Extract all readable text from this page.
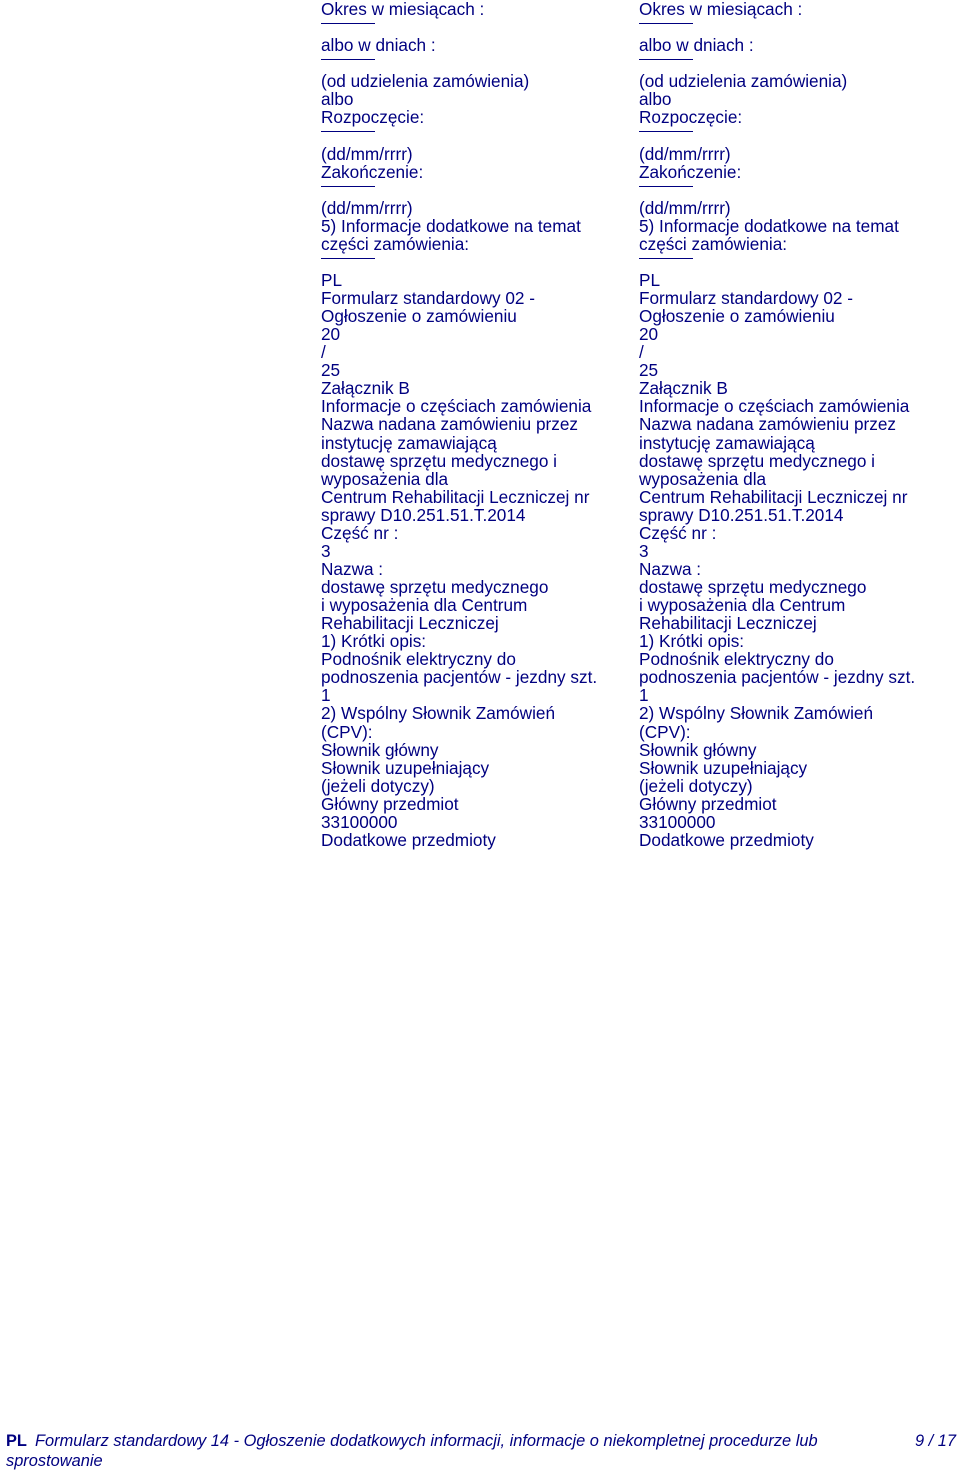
Okres w miesiącach :
albo w dniach :
(od udzielenia zamówienia)
albo
Rozpoczęcie:
(dd/mm/rrrr)
Zakończenie:
(dd/mm/rrrr)
5) Informacje dodatkowe na temat
części zamówienia:
PL
Formularz standardowy 02 -
Ogłoszenie o zamówieniu
20
/
25
Załącznik B
Informacje o częściach zamówienia
Nazwa nadana zamówieniu przez
instytucję zamawiającą
dostawę sprzętu medycznego i
wyposażenia dla
Centrum Rehabilitacji Leczniczej nr
sprawy D10.251.51.T.2014
Część nr :
3
Nazwa :
dostawę sprzętu medycznego
i wyposażenia dla Centrum
Rehabilitacji Leczniczej
1) Krótki opis:
Podnośnik elektryczny do
podnoszenia pacjentów - jezdny szt.
1
2) Wspólny Słownik Zamówień
(CPV):
Słownik główny
Słownik uzupełniający
(jeżeli dotyczy)
Główny przedmiot
33100000
Dodatkowe przedmioty
Okres w miesiącach :
albo w dniach :
(od udzielenia zamówienia)
albo
Rozpoczęcie:
(dd/mm/rrrr)
Zakończenie:
(dd/mm/rrrr)
5) Informacje dodatkowe na temat
części zamówienia:
PL
Formularz standardowy 02 -
Ogłoszenie o zamówieniu
20
/
25
Załącznik B
Informacje o częściach zamówienia
Nazwa nadana zamówieniu przez
instytucję zamawiającą
dostawę sprzętu medycznego i
wyposażenia dla
Centrum Rehabilitacji Leczniczej nr
sprawy D10.251.51.T.2014
Część nr :
3
Nazwa :
dostawę sprzętu medycznego
i wyposażenia dla Centrum
Rehabilitacji Leczniczej
1) Krótki opis:
Podnośnik elektryczny do
podnoszenia pacjentów - jezdny szt.
1
2) Wspólny Słownik Zamówień
(CPV):
Słownik główny
Słownik uzupełniający
(jeżeli dotyczy)
Główny przedmiot
33100000
Dodatkowe przedmioty
PL Formularz standardowy 14 - Ogłoszenie dodatkowych informacji, informacje o niekompletnej procedurze lub
sprostowanie
9 / 17
